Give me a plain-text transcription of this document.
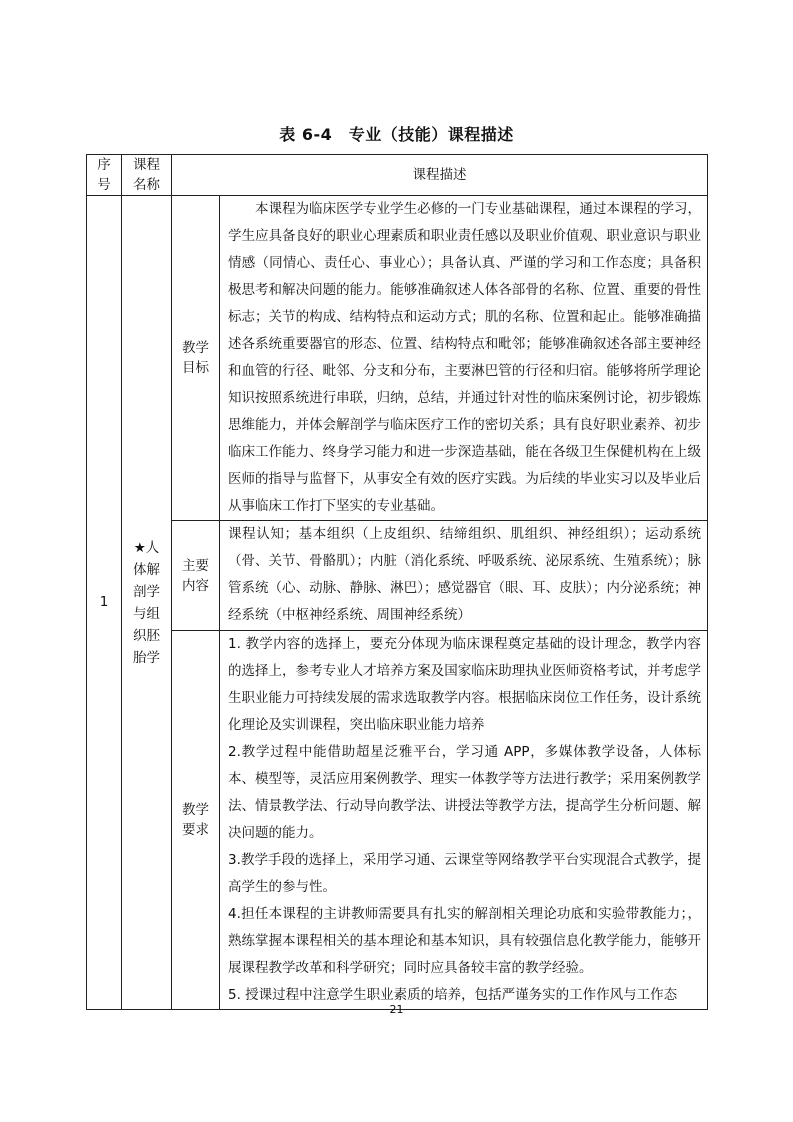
表 6-4　专业（技能）课程描述
序号	课程名称	课程描述	
1	★人体解剖学与组织胚胎学	教学目标	本课程为临床医学专业学生必修的一门专业基础课程，通过本课程的学习，学生应具备良好的职业心理素质和职业责任感以及职业价值观、职业意识与职业情感（同情心、责任心、事业心）；具备认真、严谨的学习和工作态度；具备积极思考和解决问题的能力。能够准确叙述人体各部骨的名称、位置、重要的骨性标志；关节的构成、结构特点和运动方式；肌的名称、位置和起止。能够准确描述各系统重要器官的形态、位置、结构特点和毗邻；能够准确叙述各部主要神经和血管的行径、毗邻、分支和分布，主要淋巴管的行径和归宿。能够将所学理论知识按照系统进行串联，归纳，总结，并通过针对性的临床案例讨论，初步锻炼思维能力，并体会解剖学与临床医疗工作的密切关系；具有良好职业素养、初步临床工作能力、终身学习能力和进一步深造基础，能在各级卫生保健机构在上级医师的指导与监督下，从事安全有效的医疗实践。为后续的毕业实习以及毕业后从事临床工作打下坚实的专业基础。

		主要内容	课程认知；基本组织（上皮组织、结缔组织、肌组织、神经组织）；运动系统（骨、关节、骨骼肌）；内脏（消化系统、呼吸系统、泌尿系统、生殖系统）；脉管系统（心、动脉、静脉、淋巴）；感觉器官（眼、耳、皮肤）；内分泌系统；神经系统（中枢神经系统、周围神经系统）

		教学要求	1. 教学内容的选择上，要充分体现为临床课程奠定基础的设计理念，教学内容的选择上，参考专业人才培养方案及国家临床助理执业医师资格考试，并考虑学生职业能力可持续发展的需求选取教学内容。根据临床岗位工作任务，设计系统化理论及实训课程，突出临床职业能力培养

2.教学过程中能借助超星泛雅平台，学习通 APP，多媒体教学设备，人体标本、模型等，灵活应用案例教学、理实一体教学等方法进行教学；采用案例教学法、情景教学法、行动导向教学法、讲授法等教学方法，提高学生分析问题、解决问题的能力。

3.教学手段的选择上，采用学习通、云课堂等网络教学平台实现混合式教学，提高学生的参与性。

4.担任本课程的主讲教师需要具有扎实的解剖相关理论功底和实验带教能力；，熟练掌握本课程相关的基本理论和基本知识，具有较强信息化教学能力，能够开展课程教学改革和科学研究；同时应具备较丰富的教学经验。

5. 授课过程中注意学生职业素质的培养，包括严谨务实的工作作风与工作态

21
